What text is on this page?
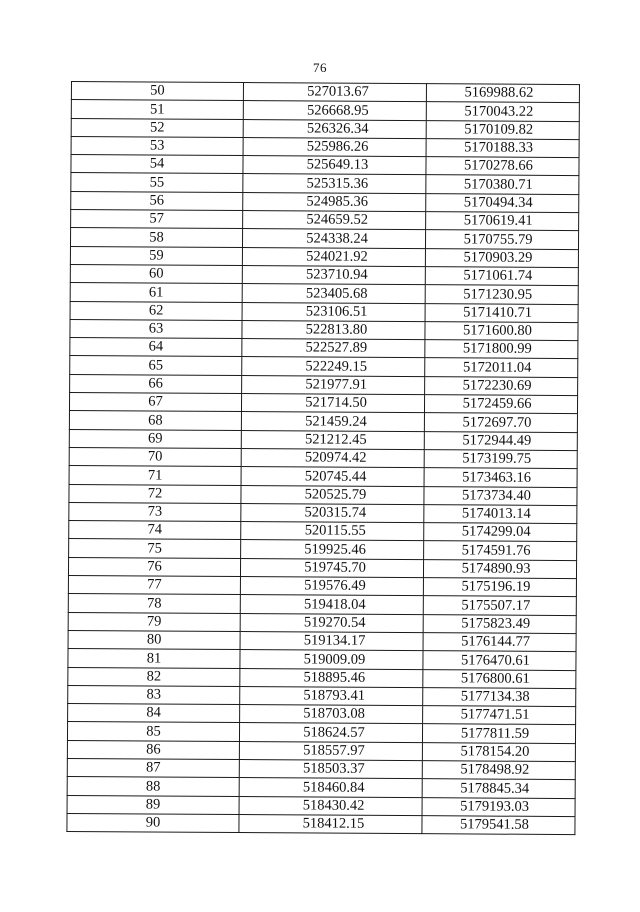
76
50	527013.67	5169988.62
51	526668.95	5170043.22
52	526326.34	5170109.82
53	525986.26	5170188.33
54	525649.13	5170278.66
55	525315.36	5170380.71
56	524985.36	5170494.34
57	524659.52	5170619.41
58	524338.24	5170755.79
59	524021.92	5170903.29
60	523710.94	5171061.74
61	523405.68	5171230.95
62	523106.51	5171410.71
63	522813.80	5171600.80
64	522527.89	5171800.99
65	522249.15	5172011.04
66	521977.91	5172230.69
67	521714.50	5172459.66
68	521459.24	5172697.70
69	521212.45	5172944.49
70	520974.42	5173199.75
71	520745.44	5173463.16
72	520525.79	5173734.40
73	520315.74	5174013.14
74	520115.55	5174299.04
75	519925.46	5174591.76
76	519745.70	5174890.93
77	519576.49	5175196.19
78	519418.04	5175507.17
79	519270.54	5175823.49
80	519134.17	5176144.77
81	519009.09	5176470.61
82	518895.46	5176800.61
83	518793.41	5177134.38
84	518703.08	5177471.51
85	518624.57	5177811.59
86	518557.97	5178154.20
87	518503.37	5178498.92
88	518460.84	5178845.34
89	518430.42	5179193.03
90	518412.15	5179541.58
